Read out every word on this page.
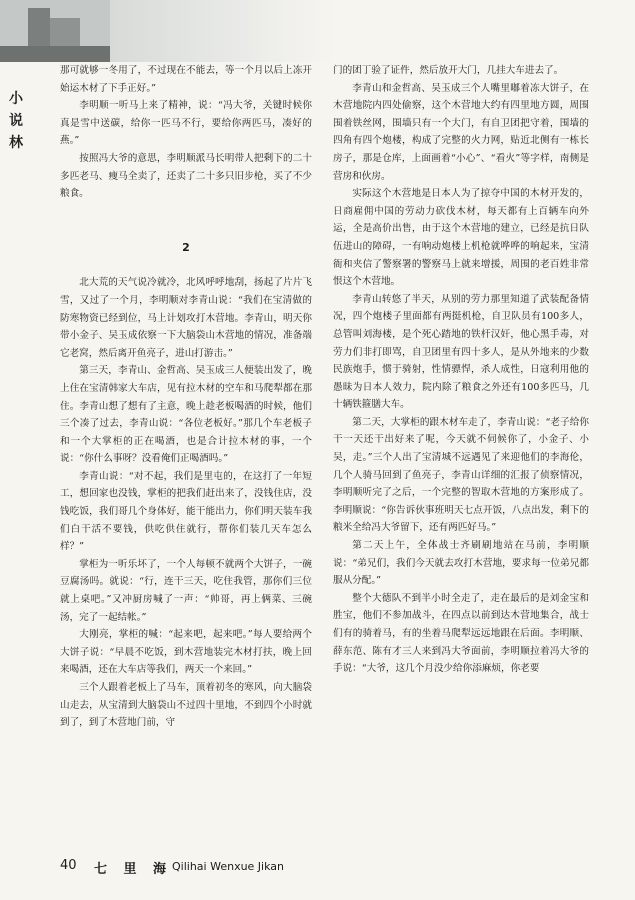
小
说
林

那可就够一冬用了，不过现在不能去，等一个月以后上冻开始运木材了下手正好。”

李明顺一听马上来了精神，说：“冯大爷，关键时候你真是雪中送碳，给你一匹马不行，要给你两匹马，凑好的燕。”

按照冯大爷的意思，李明顺派马长明带人把剩下的二十多匹老马、瘦马全卖了，还卖了二十多只旧步枪，买了不少粮食。

2

北大荒的天气说冷就冷，北风呼呼地刮，扬起了片片飞雪，又过了一个月，李明顺对李青山说：“我们在宝清做的防寒物资已经到位，马上计划攻打木营地。李青山，明天你带小金子、吴玉成依察一下大脑袋山木营地的情况，准备端它老窝，然后离开鱼亮子，进山打游击。”

第三天，李青山、金哲高、吴玉成三人便装出发了，晚上住在宝清韩家大车店，见有拉木材的空车和马爬犁都在那住。李青山想了想有了主意，晚上趁老板喝酒的时候，他们三个凑了过去，李青山说：“各位老板好。”那几个车老板子和一个大掌柜的正在喝酒，也是合计拉木材的事，一个说：“你什么事呀？没看俺们正喝酒吗。”

李青山说：“对不起，我们是里屯的，在这打了一年短工，想回家也没钱，掌柜的把我们赶出来了，没钱住店，没钱吃饭，我们哥几个身体好，能干能出力，你们明天装车我们白干活不要钱，供吃供住就行，帮你们装几天车怎么样？”

掌柜为一听乐坏了，一个人每顿不就两个大饼子，一碗豆腐汤吗。就说：“行，连干三天，吃住我管，那你们三位就上桌吧。”又冲厨房喊了一声：“帅哥，再上俩菜、三碗汤，完了一起结帐。”

大刚亮，掌柜的喊：“起来吧，起来吧。”每人要给两个大饼子说：“早晨不吃饭，到木营地装完木材打扶，晚上回来喝酒，还在大车店等我们，两天一个来回。”

三个人跟着老板上了马车，顶着初冬的寒风，向大脑袋山走去，从宝清到大脑袋山不过四十里地，不到四个小时就到了，到了木营地门前，守

门的团丁验了证件，然后放开大门，几挂大车进去了。

李青山和金哲高、吴玉成三个人嘴里嘟着冻大饼子，在木营地院内四处偷察，这个木营地大约有四里地方圆，周围围着铁丝网，围墙只有一个大门，有自卫团把守着，围墙的四角有四个炮楼，构成了完整的火力网，贴近北侧有一栋长房子，那是仓库，上面画着“小心”、“看火”等字样，南侧是营房和伙房。

实际这个木营地是日本人为了掠夺中国的木材开发的，日商雇佣中国的劳动力砍伐木材，每天都有上百辆车向外运，全是高价出售，由于这个木营地的建立，已经是抗日队伍进山的障碍，一有响动炮楼上机枪就哗哗的响起来，宝清衙和夹信了警察署的警察马上就来增援，周围的老百姓非常恨这个木营地。

李青山转悠了半天，从别的劳力那里知道了武装配备情况，四个炮楼子里面都有两挺机枪，自卫队员有100多人，总管叫刘海楼，是个死心踏地的铁杆汉奸，他心黑手毒，对劳力们非打即骂，自卫团里有四十多人，是从外地来的少数民族炮手，惯于骑射，性情骠悍，杀人成性，日寇利用他的愚昧为日本人效力，院内除了粮食之外还有100多匹马，几十辆铁箍膳大车。

第二天，大掌柜的跟木材车走了，李青山说：“老子给你干一天还干出好来了呢，今天就不伺候你了，小金子、小吴，走。”三个人出了宝清城不远遇见了来迎他们的李海伦，几个人骑马回到了鱼亮子，李青山详细的汇报了侦察情况，李明顺听完了之后，一个完整的智取木营地的方案形成了。李明顺说：“你告诉伙事班明天七点开饭，八点出发，剩下的粮米全给冯大爷留下，还有两匹好马。”

第二天上午，全体战士齐刷刷地站在马前，李明顺说：“弟兄们，我们今天就去攻打木营地，要求每一位弟兄都服从分配。”

整个大德队不到半小时全走了，走在最后的是刘金宝和胜宝，他们不参加战斗，在四点以前到达木营地集合，战士们有的骑着马，有的坐着马爬犁远远地跟在后面。李明顺、薛东范、陈有才三人来到冯大爷面前，李明顺拉着冯大爷的手说：“大爷，这几个月没少给你添麻烦，你老要

40 七 里 海 Qilihai Wenxue Jikan
